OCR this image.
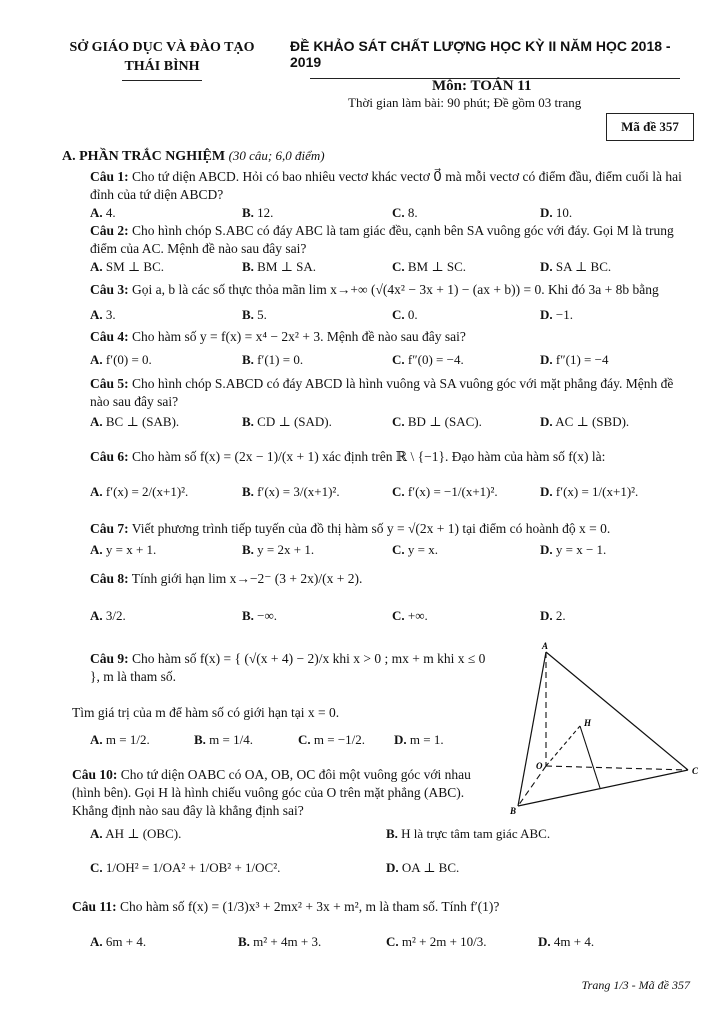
SỞ GIÁO DỤC VÀ ĐÀO TẠO
THÁI BÌNH
ĐỀ KHẢO SÁT CHẤT LƯỢNG HỌC KỲ II NĂM HỌC 2018 - 2019
Môn: TOÁN 11
Thời gian làm bài: 90 phút; Đề gồm 03 trang
Mã đề 357
A. PHẦN TRẮC NGHIỆM (30 câu; 6,0 điểm)
Câu 1: Cho tứ diện ABCD. Hỏi có bao nhiêu vectơ khác vectơ 0⃗ mà mỗi vectơ có điểm đầu, điểm cuối là hai đỉnh của tứ diện ABCD?
A. 4.	B. 12.	C. 8.	D. 10.
Câu 2: Cho hình chóp S.ABC có đáy ABC là tam giác đều, cạnh bên SA vuông góc với đáy. Gọi M là trung điểm của AC. Mệnh đề nào sau đây sai?
A. SM ⊥ BC.	B. BM ⊥ SA.	C. BM ⊥ SC.	D. SA ⊥ BC.
Câu 3: Gọi a, b là các số thực thỏa mãn lim x→+∞ (√(4x² − 3x + 1) − (ax + b)) = 0. Khi đó 3a + 8b bằng
A. 3.	B. 5.	C. 0.	D. −1.
Câu 4: Cho hàm số y = f(x) = x⁴ − 2x² + 3. Mệnh đề nào sau đây sai?
A. f′(0) = 0.	B. f′(1) = 0.	C. f″(0) = −4.	D. f″(1) = −4
Câu 5: Cho hình chóp S.ABCD có đáy ABCD là hình vuông và SA vuông góc với mặt phẳng đáy. Mệnh đề nào sau đây sai?
A. BC ⊥ (SAB).	B. CD ⊥ (SAD).	C. BD ⊥ (SAC).	D. AC ⊥ (SBD).
Câu 6: Cho hàm số f(x) = (2x − 1)/(x + 1) xác định trên ℝ \ {−1}. Đạo hàm của hàm số f(x) là:
A. f′(x) = 2/(x+1)².	B. f′(x) = 3/(x+1)².	C. f′(x) = −1/(x+1)².	D. f′(x) = 1/(x+1)².
Câu 7: Viết phương trình tiếp tuyến của đồ thị hàm số y = √(2x + 1) tại điểm có hoành độ x = 0.
A. y = x + 1.	B. y = 2x + 1.	C. y = x.	D. y = x − 1.
Câu 8: Tính giới hạn lim x→−2⁻ (3 + 2x)/(x + 2).
A. 3/2.	B. −∞.	C. +∞.	D. 2.
Câu 9: Cho hàm số f(x) = { (√(x + 4) − 2)/x khi x > 0 ; mx + m khi x ≤ 0 }, m là tham số.
Tìm giá trị của m để hàm số có giới hạn tại x = 0.
A. m = 1/2.	B. m = 1/4.	C. m = −1/2. D. m = 1.
Câu 10: Cho tứ diện OABC có OA, OB, OC đôi một vuông góc với nhau (hình bên). Gọi H là hình chiếu vuông góc của O trên mặt phẳng (ABC). Khẳng định nào sau đây là khẳng định sai?
A. AH ⊥ (OBC).	B. H là trực tâm tam giác ABC.
C. 1/OH² = 1/OA² + 1/OB² + 1/OC².	D. OA ⊥ BC.
Câu 11: Cho hàm số f(x) = (1/3)x³ + 2mx² + 3x + m², m là tham số. Tính f′(1)?
A. 6m + 4.	B. m² + 4m + 3.	C. m² + 2m + 10/3.	D. 4m + 4.
A
H
O	C
B
Trang 1/3 - Mã đề 357
